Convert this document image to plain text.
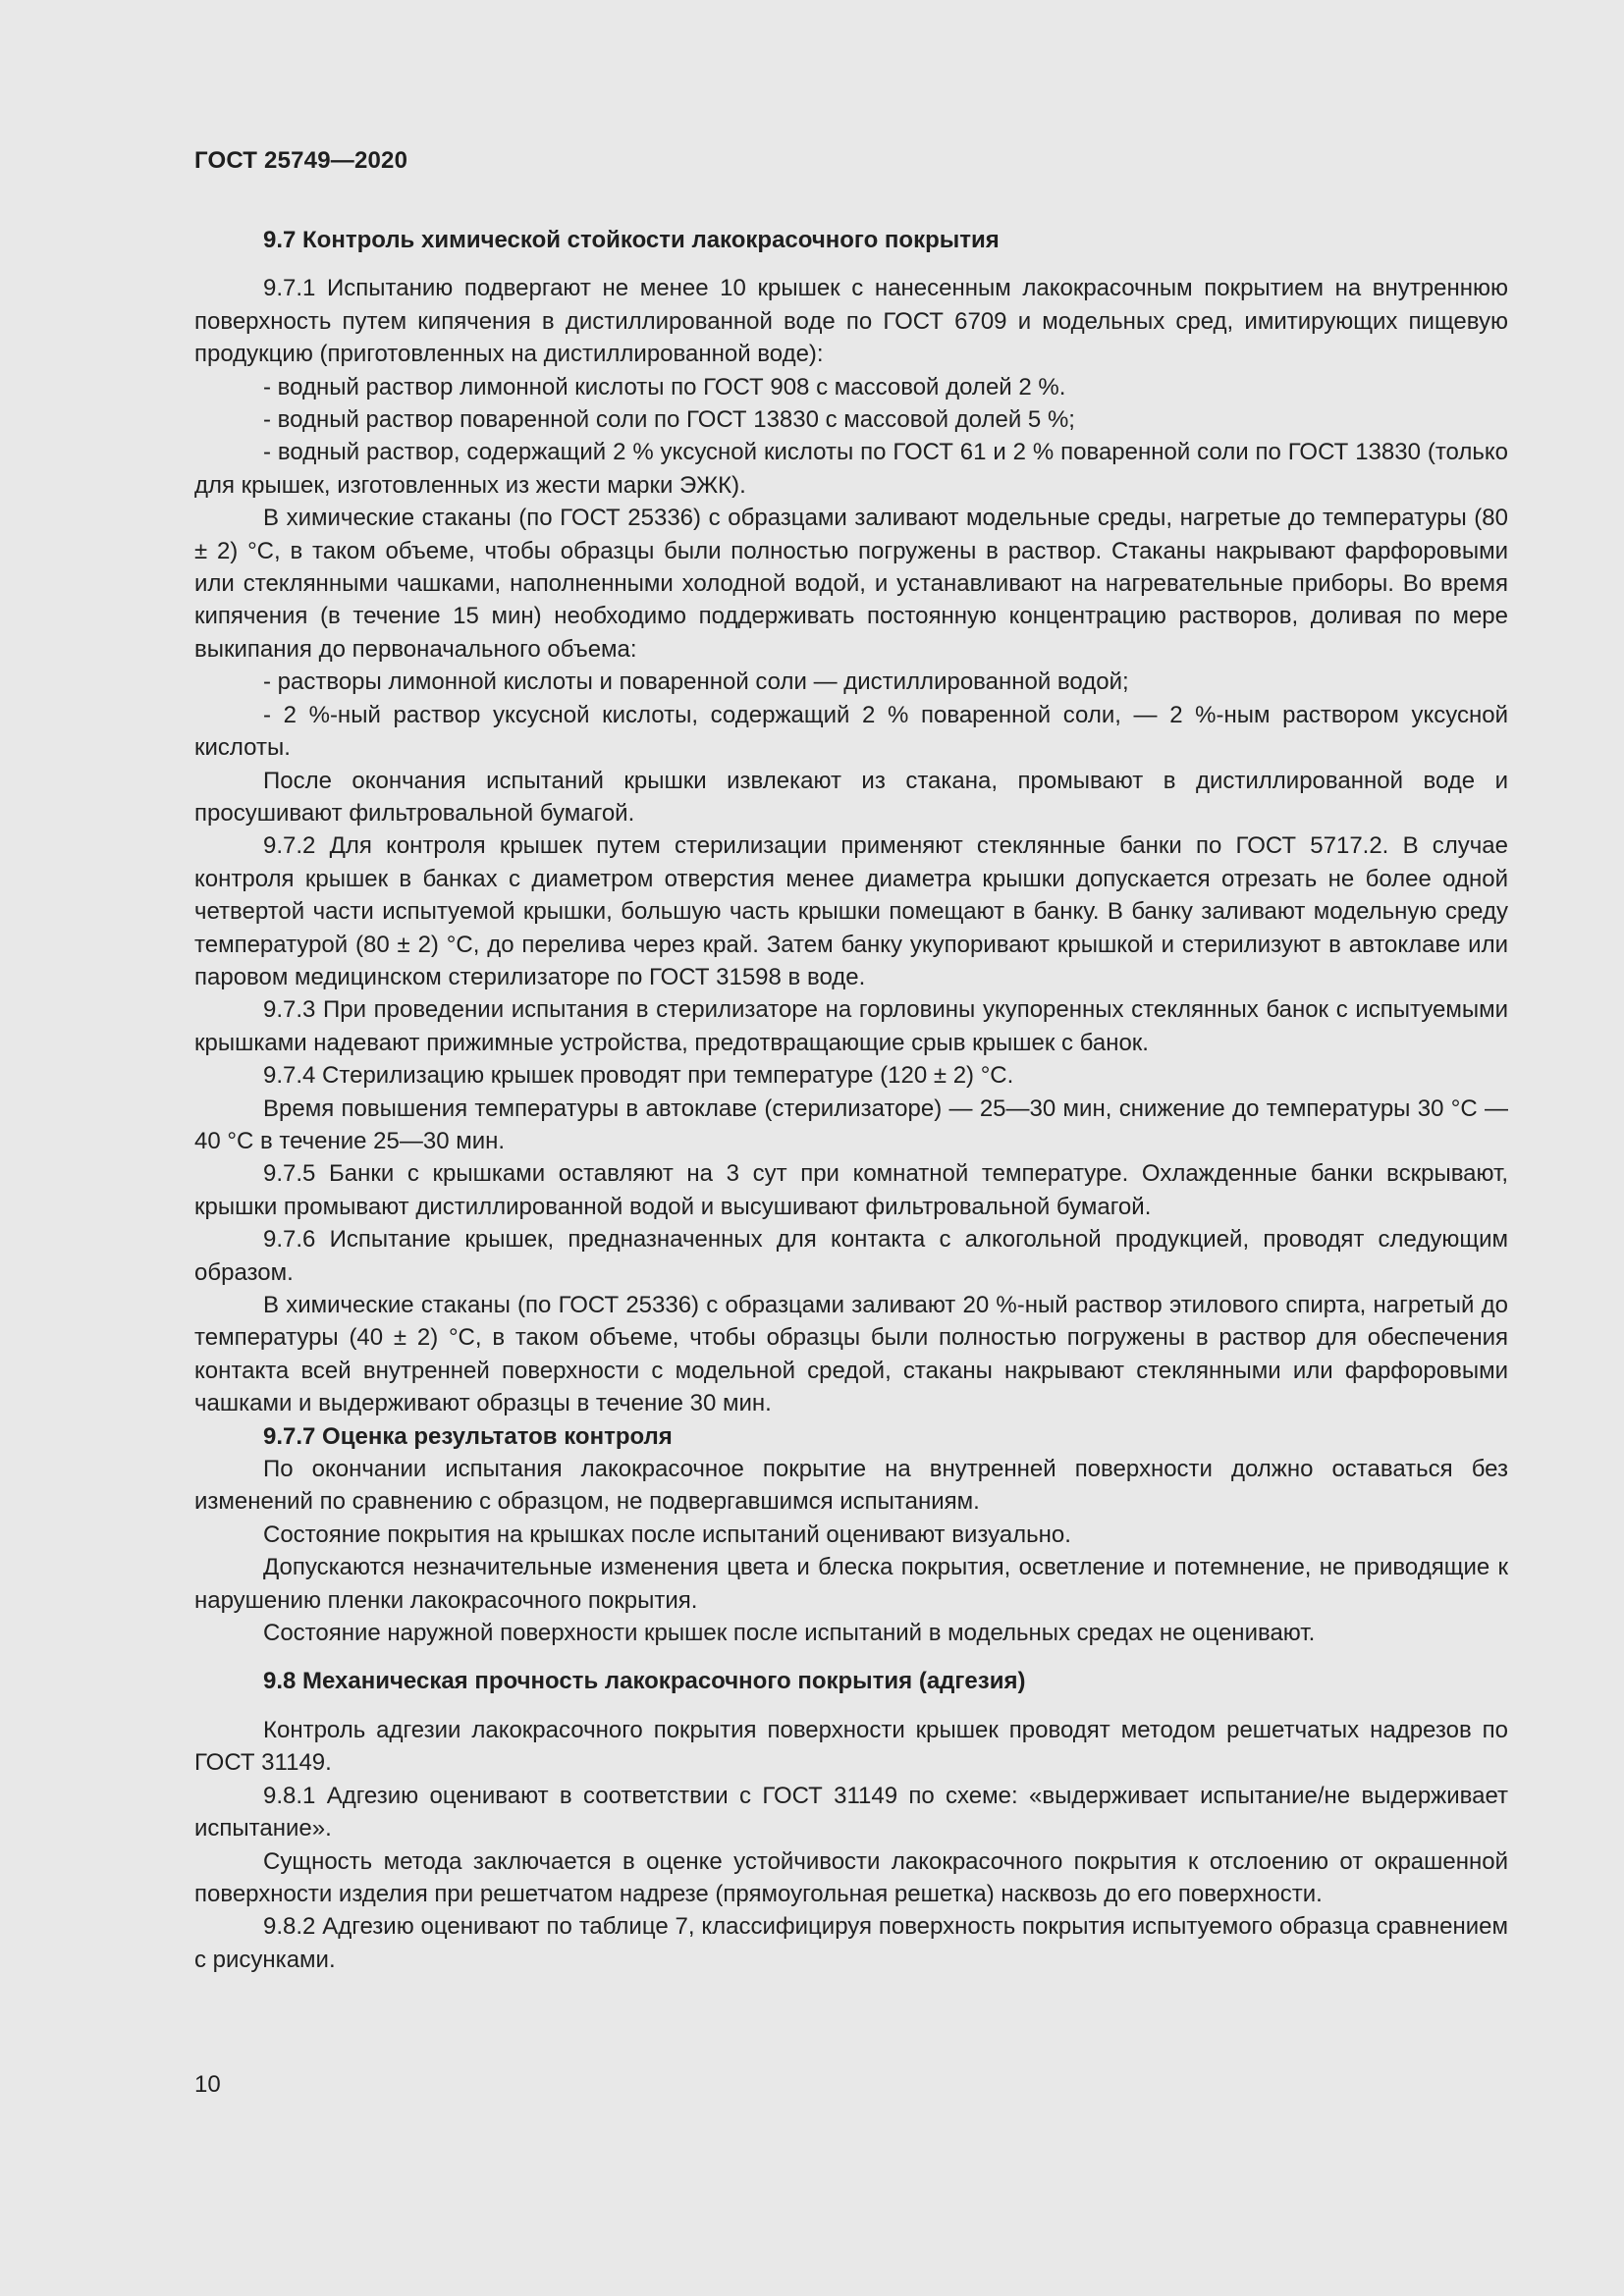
ГОСТ 25749—2020

9.7 Контроль химической стойкости лакокрасочного покрытия

9.7.1 Испытанию подвергают не менее 10 крышек с нанесенным лакокрасочным покрытием на внутреннюю поверхность путем кипячения в дистиллированной воде по ГОСТ 6709 и модельных сред, имитирующих пищевую продукцию (приготовленных на дистиллированной воде):

- водный раствор лимонной кислоты по ГОСТ 908 с массовой долей 2 %.

- водный раствор поваренной соли по ГОСТ 13830 с массовой долей 5 %;

- водный раствор, содержащий 2 % уксусной кислоты по ГОСТ 61 и 2 % поваренной соли по ГОСТ 13830 (только для крышек, изготовленных из жести марки ЭЖК).

В химические стаканы (по ГОСТ 25336) с образцами заливают модельные среды, нагретые до температуры (80 ± 2) °С, в таком объеме, чтобы образцы были полностью погружены в раствор. Стаканы накрывают фарфоровыми или стеклянными чашками, наполненными холодной водой, и устанавливают на нагревательные приборы. Во время кипячения (в течение 15 мин) необходимо поддерживать постоянную концентрацию растворов, доливая по мере выкипания до первоначального объема:

- растворы лимонной кислоты и поваренной соли — дистиллированной водой;

- 2 %-ный раствор уксусной кислоты, содержащий 2 % поваренной соли, — 2 %-ным раствором уксусной кислоты.

После окончания испытаний крышки извлекают из стакана, промывают в дистиллированной воде и просушивают фильтровальной бумагой.

9.7.2 Для контроля крышек путем стерилизации применяют стеклянные банки по ГОСТ 5717.2. В случае контроля крышек в банках с диаметром отверстия менее диаметра крышки допускается отрезать не более одной четвертой части испытуемой крышки, большую часть крышки помещают в банку. В банку заливают модельную среду температурой (80 ± 2) °С, до перелива через край. Затем банку укупоривают крышкой и стерилизуют в автоклаве или паровом медицинском стерилизаторе по ГОСТ 31598 в воде.

9.7.3 При проведении испытания в стерилизаторе на горловины укупоренных стеклянных банок с испытуемыми крышками надевают прижимные устройства, предотвращающие срыв крышек с банок.

9.7.4 Стерилизацию крышек проводят при температуре (120 ± 2) °С.

Время повышения температуры в автоклаве (стерилизаторе) — 25—30 мин, снижение до температуры 30 °С — 40 °С в течение 25—30 мин.

9.7.5 Банки с крышками оставляют на 3 сут при комнатной температуре. Охлажденные банки вскрывают, крышки промывают дистиллированной водой и высушивают фильтровальной бумагой.

9.7.6 Испытание крышек, предназначенных для контакта с алкогольной продукцией, проводят следующим образом.

В химические стаканы (по ГОСТ 25336) с образцами заливают 20 %-ный раствор этилового спирта, нагретый до температуры (40 ± 2) °С, в таком объеме, чтобы образцы были полностью погружены в раствор для обеспечения контакта всей внутренней поверхности с модельной средой, стаканы накрывают стеклянными или фарфоровыми чашками и выдерживают образцы в течение 30 мин.

9.7.7 Оценка результатов контроля

По окончании испытания лакокрасочное покрытие на внутренней поверхности должно оставаться без изменений по сравнению с образцом, не подвергавшимся испытаниям.

Состояние покрытия на крышках после испытаний оценивают визуально.

Допускаются незначительные изменения цвета и блеска покрытия, осветление и потемнение, не приводящие к нарушению пленки лакокрасочного покрытия.

Состояние наружной поверхности крышек после испытаний в модельных средах не оценивают.

9.8 Механическая прочность лакокрасочного покрытия (адгезия)

Контроль адгезии лакокрасочного покрытия поверхности крышек проводят методом решетчатых надрезов по ГОСТ 31149.

9.8.1 Адгезию оценивают в соответствии с ГОСТ 31149 по схеме: «выдерживает испытание/не выдерживает испытание».

Сущность метода заключается в оценке устойчивости лакокрасочного покрытия к отслоению от окрашенной поверхности изделия при решетчатом надрезе (прямоугольная решетка) насквозь до его поверхности.

9.8.2 Адгезию оценивают по таблице 7, классифицируя поверхность покрытия испытуемого образца сравнением с рисунками.

10
